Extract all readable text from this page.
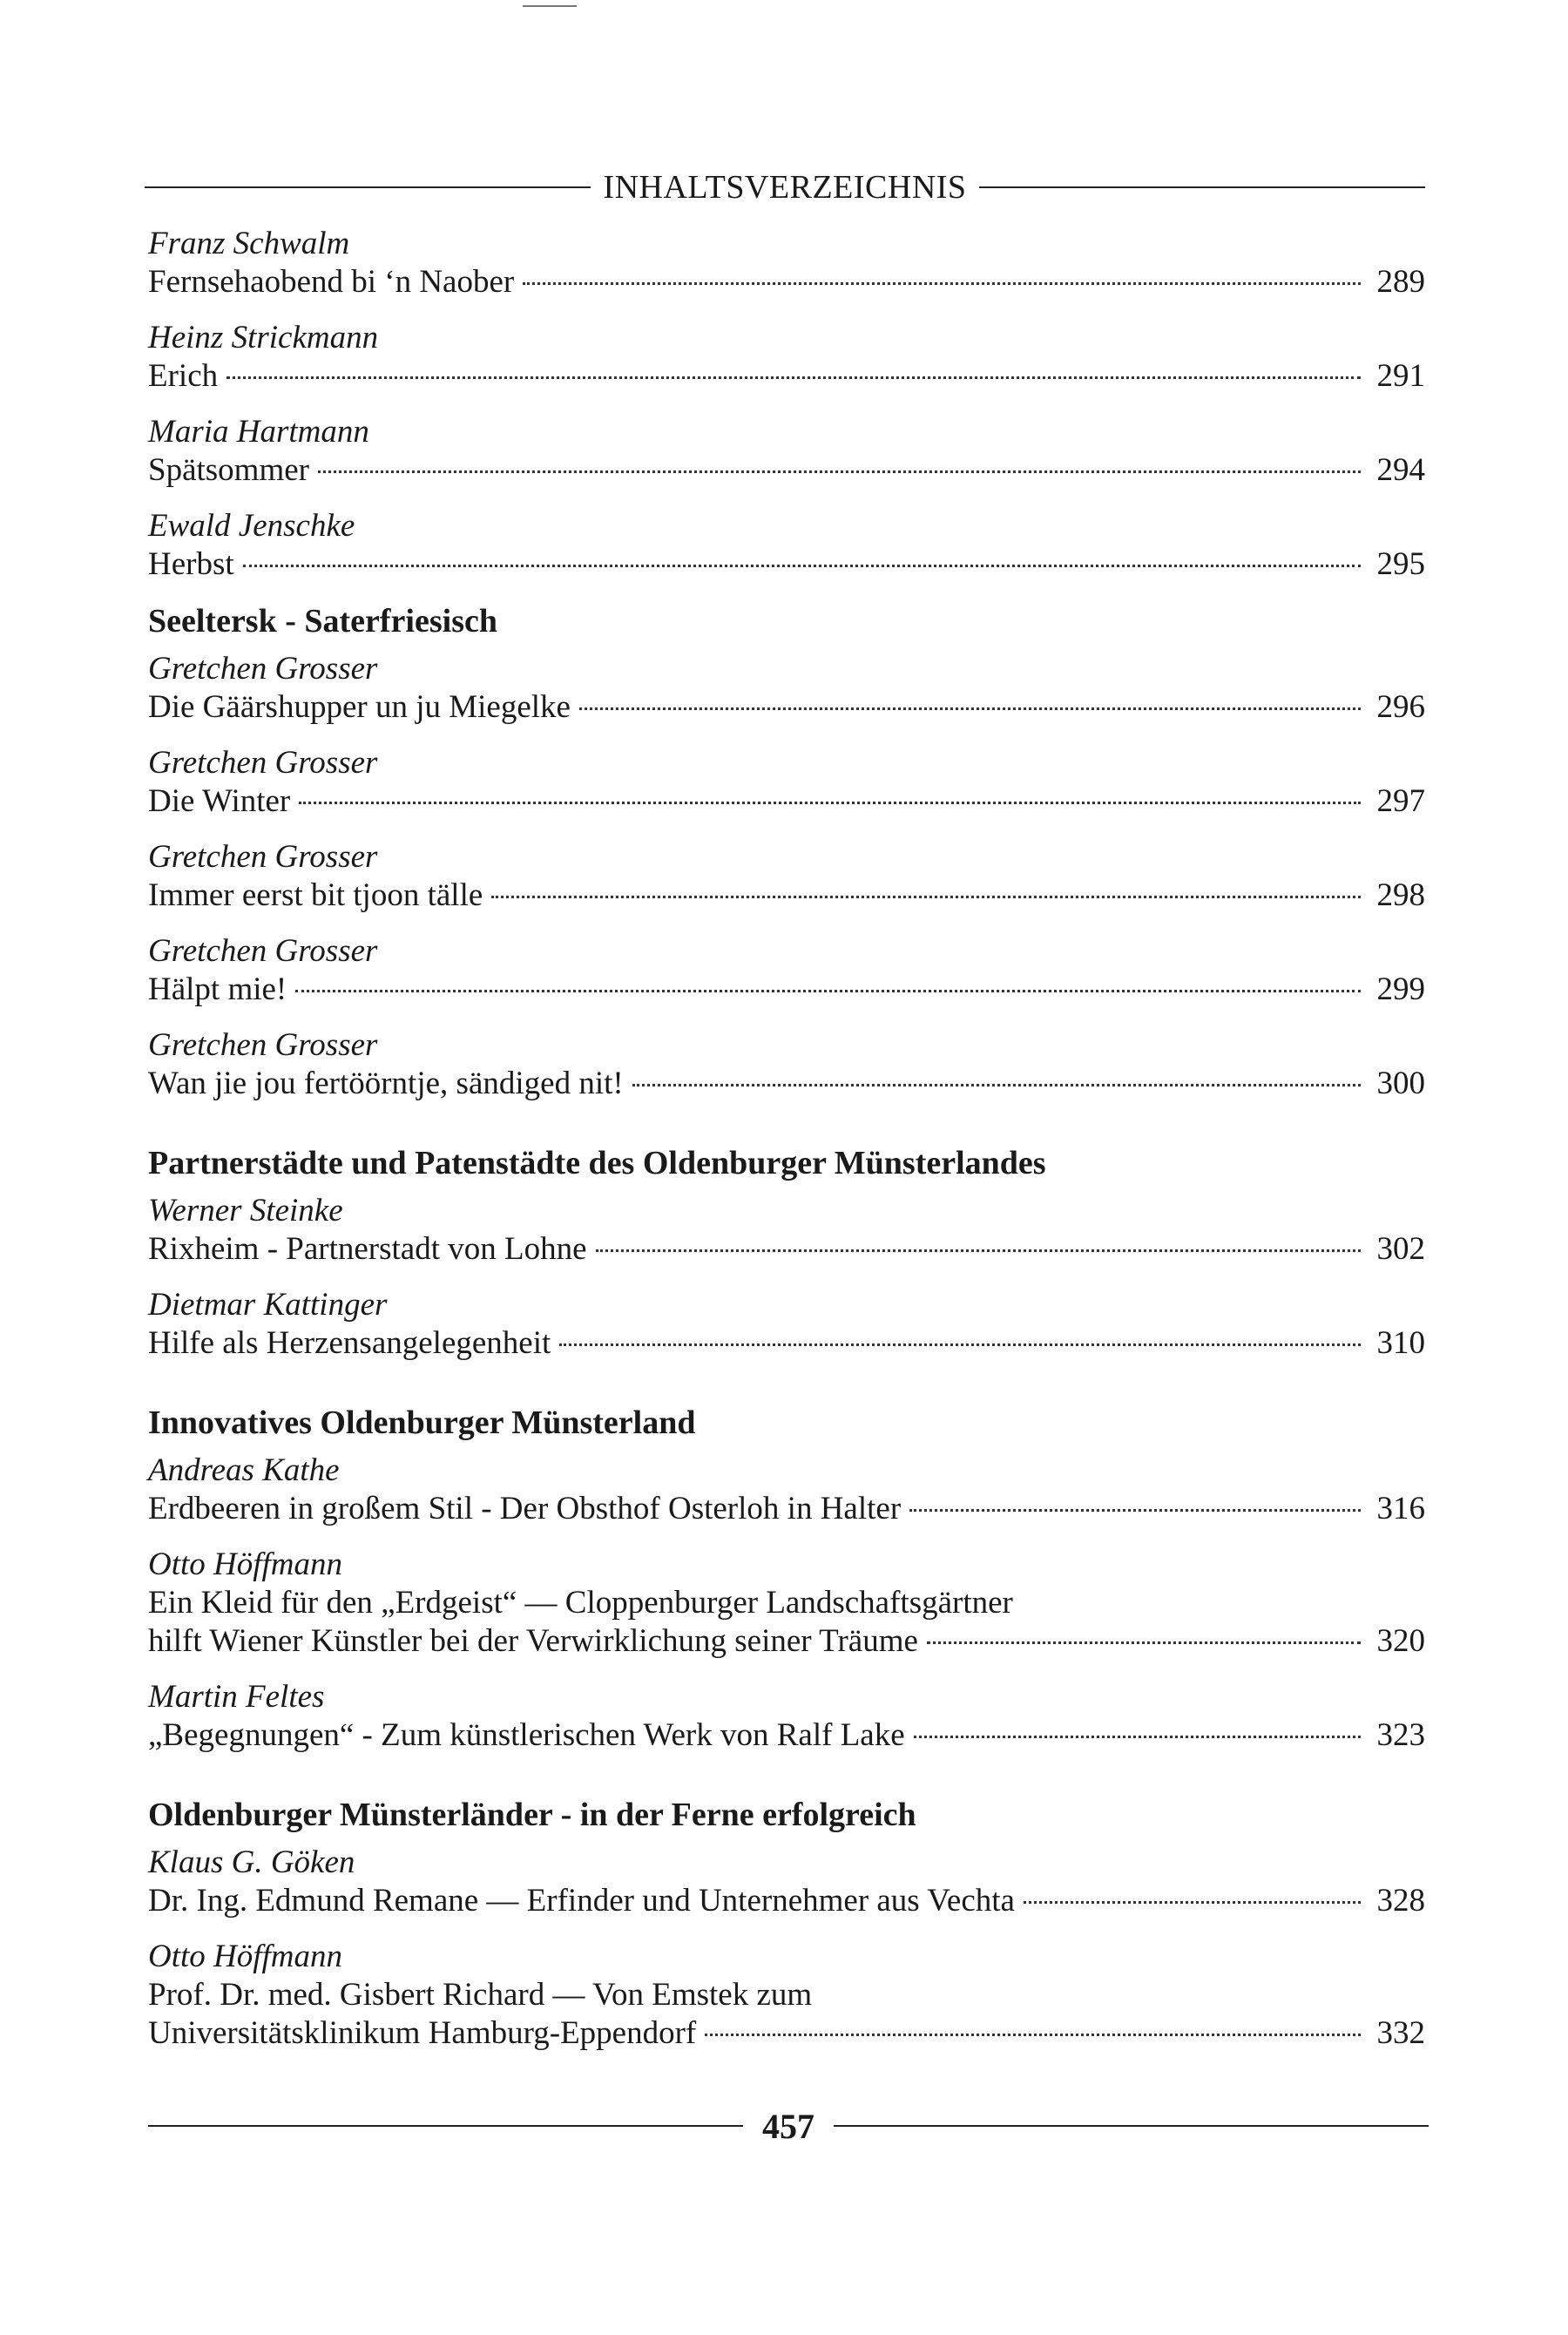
INHALTSVERZEICHNIS
Franz Schwalm
Fernsehaobend bi ‘n Naober	289
Heinz Strickmann
Erich	291
Maria Hartmann
Spätsommer	294
Ewald Jenschke
Herbst	295
Seeltersk - Saterfriesisch
Gretchen Grosser
Die Gäärshupper un ju Miegelke	296
Gretchen Grosser
Die Winter	297
Gretchen Grosser
Immer eerst bit tjoon tälle	298
Gretchen Grosser
Hälpt mie!	299
Gretchen Grosser
Wan jie jou fertöörntje, sändiged nit!	300
Partnerstädte und Patenstädte des Oldenburger Münsterlandes
Werner Steinke
Rixheim - Partnerstadt von Lohne	302
Dietmar Kattinger
Hilfe als Herzensangelegenheit	310
Innovatives Oldenburger Münsterland
Andreas Kathe
Erdbeeren in großem Stil - Der Obsthof Osterloh in Halter	316
Otto Höffmann
Ein Kleid für den „Erdgeist“ — Cloppenburger Landschaftsgärtner
hilft Wiener Künstler bei der Verwirklichung seiner Träume	320
Martin Feltes
„Begegnungen“ - Zum künstlerischen Werk von Ralf Lake	323
Oldenburger Münsterländer - in der Ferne erfolgreich
Klaus G. Göken
Dr. Ing. Edmund Remane — Erfinder und Unternehmer aus Vechta	328
Otto Höffmann
Prof. Dr. med. Gisbert Richard — Von Emstek zum
Universitätsklinikum Hamburg-Eppendorf	332
457
